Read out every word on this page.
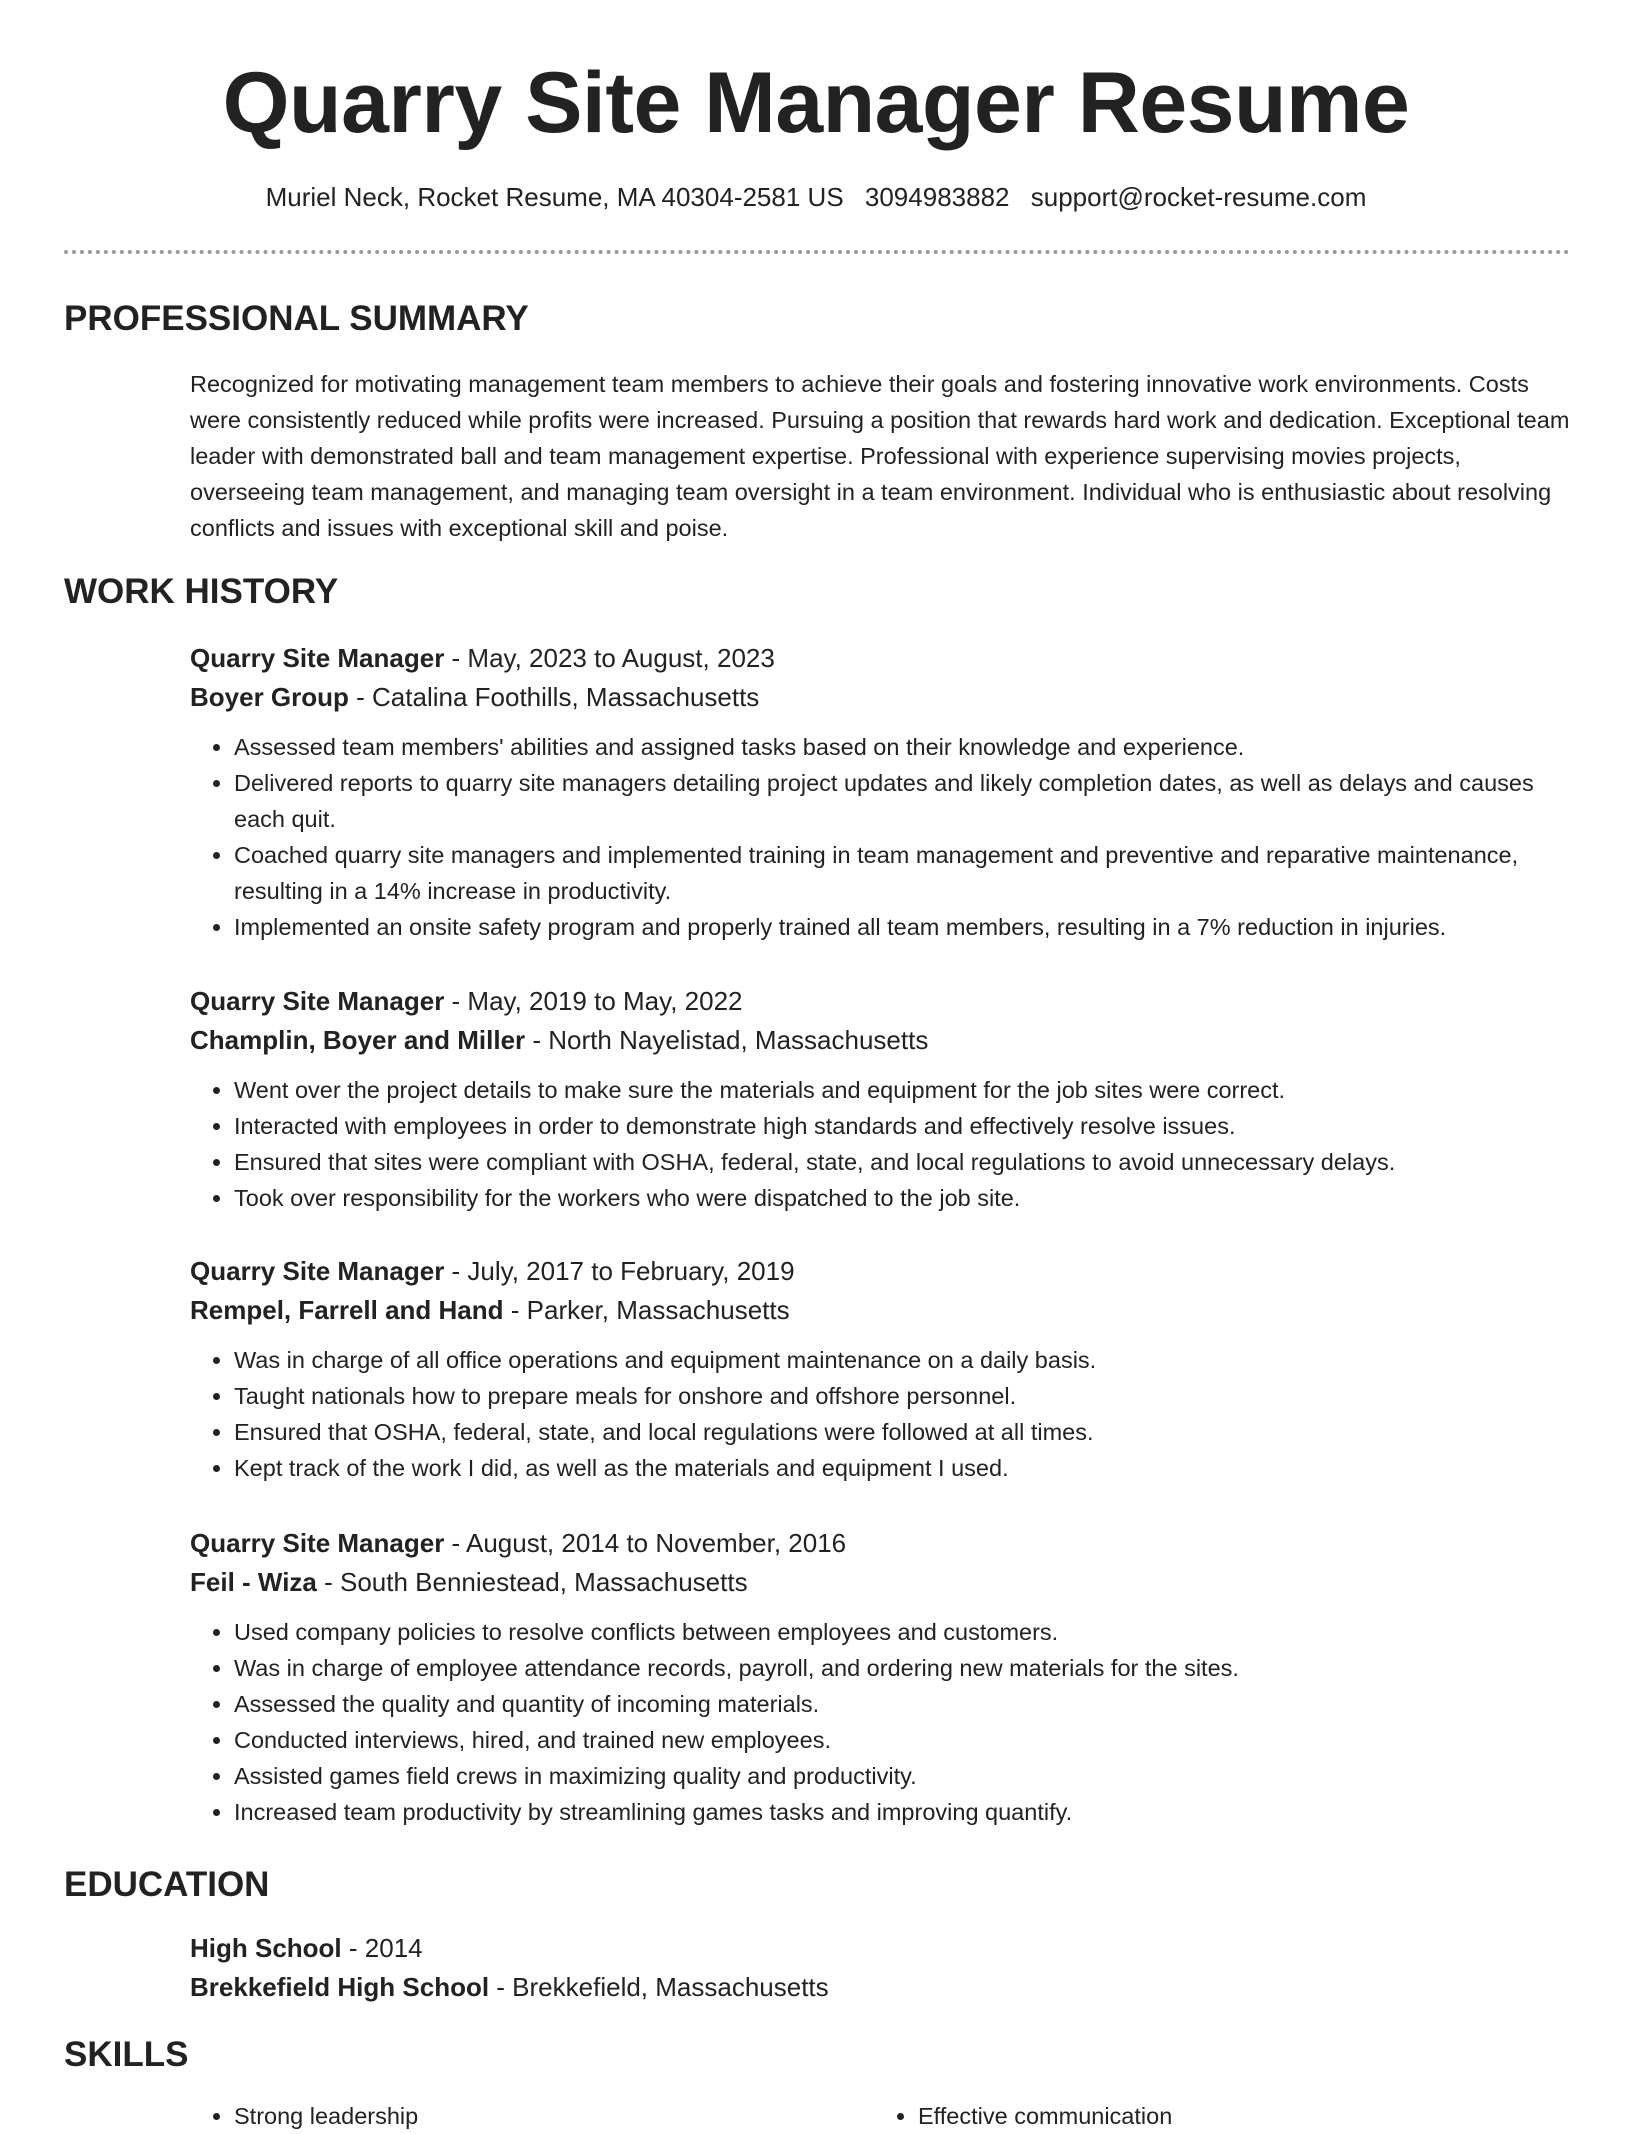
Quarry Site Manager Resume
Muriel Neck, Rocket Resume, MA 40304-2581 US 3094983882 support@rocket-resume.com
PROFESSIONAL SUMMARY
Recognized for motivating management team members to achieve their goals and fostering innovative work environments. Costs were consistently reduced while profits were increased. Pursuing a position that rewards hard work and dedication. Exceptional team leader with demonstrated ball and team management expertise. Professional with experience supervising movies projects, overseeing team management, and managing team oversight in a team environment. Individual who is enthusiastic about resolving conflicts and issues with exceptional skill and poise.
WORK HISTORY
Quarry Site Manager - May, 2023 to August, 2023
Boyer Group - Catalina Foothills, Massachusetts
• Assessed team members' abilities and assigned tasks based on their knowledge and experience.
• Delivered reports to quarry site managers detailing project updates and likely completion dates, as well as delays and causes each quit.
• Coached quarry site managers and implemented training in team management and preventive and reparative maintenance, resulting in a 14% increase in productivity.
• Implemented an onsite safety program and properly trained all team members, resulting in a 7% reduction in injuries.
Quarry Site Manager - May, 2019 to May, 2022
Champlin, Boyer and Miller - North Nayelistad, Massachusetts
• Went over the project details to make sure the materials and equipment for the job sites were correct.
• Interacted with employees in order to demonstrate high standards and effectively resolve issues.
• Ensured that sites were compliant with OSHA, federal, state, and local regulations to avoid unnecessary delays.
• Took over responsibility for the workers who were dispatched to the job site.
Quarry Site Manager - July, 2017 to February, 2019
Rempel, Farrell and Hand - Parker, Massachusetts
• Was in charge of all office operations and equipment maintenance on a daily basis.
• Taught nationals how to prepare meals for onshore and offshore personnel.
• Ensured that OSHA, federal, state, and local regulations were followed at all times.
• Kept track of the work I did, as well as the materials and equipment I used.
Quarry Site Manager - August, 2014 to November, 2016
Feil - Wiza - South Benniestead, Massachusetts
• Used company policies to resolve conflicts between employees and customers.
• Was in charge of employee attendance records, payroll, and ordering new materials for the sites.
• Assessed the quality and quantity of incoming materials.
• Conducted interviews, hired, and trained new employees.
• Assisted games field crews in maximizing quality and productivity.
• Increased team productivity by streamlining games tasks and improving quantify.
EDUCATION
High School - 2014
Brekkefield High School - Brekkefield, Massachusetts
SKILLS
• Strong leadership
•	Effective communication
